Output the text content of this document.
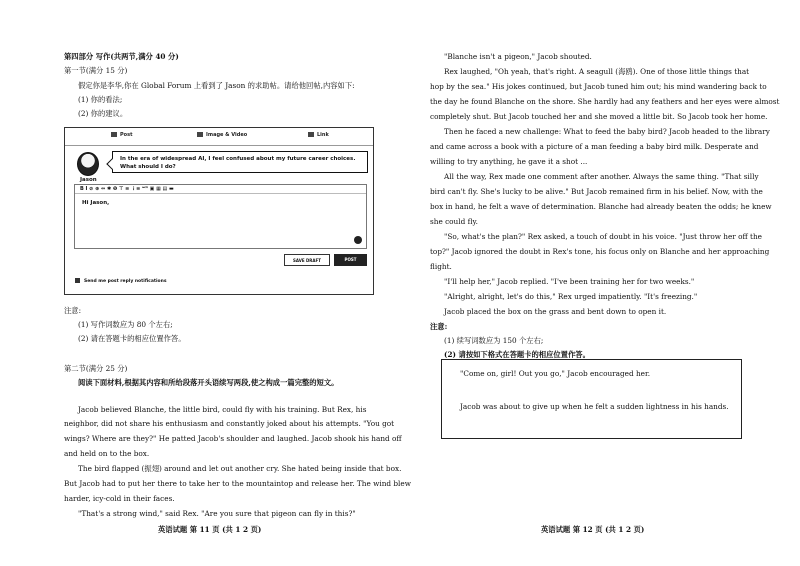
第四部分 写作(共两节,满分 40 分)
第一节(满分 15 分)
假定你是李华,你在 Global Forum 上看到了 Jason 的求助帖。请给他回帖,内容如下:
(1) 你的看法;
(2) 你的建议。
Post	Image & Video	Link
Jason
In the era of widespread AI, I feel confused about my future career choices. What should I do?
B I ⊘ ⊕ ⇔ ✱ ❶ ⊤ ≡ ⋮≡ ❝❞ ▣ ▦ ▤ ▬
Hi Jason,
SAVE DRAFT	POST
Send me post reply notifications
注意:
(1) 写作词数应为 80 个左右;
(2) 请在答题卡的相应位置作答。
第二节(满分 25 分)
阅读下面材料,根据其内容和所给段落开头语续写两段,使之构成一篇完整的短文。
Jacob believed Blanche, the little bird, could fly with his training. But Rex, his
neighbor, did not share his enthusiasm and constantly joked about his attempts. "You got
wings? Where are they?" He patted Jacob's shoulder and laughed. Jacob shook his hand off
and held on to the box.
The bird flapped (振翅) around and let out another cry. She hated being inside that box.
But Jacob had to put her there to take her to the mountaintop and release her. The wind blew
harder, icy-cold in their faces.
"That's a strong wind," said Rex. "Are you sure that pigeon can fly in this?"
英语试题 第 11 页 (共 1 2 页)
"Blanche isn't a pigeon," Jacob shouted.
Rex laughed, "Oh yeah, that's right. A seagull (海鸥). One of those little things that
hop by the sea." His jokes continued, but Jacob tuned him out; his mind wandering back to
the day he found Blanche on the shore. She hardly had any feathers and her eyes were almost
completely shut. But Jacob touched her and she moved a little bit. So Jacob took her home.
Then he faced a new challenge: What to feed the baby bird? Jacob headed to the library
and came across a book with a picture of a man feeding a baby bird milk. Desperate and
willing to try anything, he gave it a shot ...
All the way, Rex made one comment after another. Always the same thing. "That silly
bird can't fly. She's lucky to be alive." But Jacob remained firm in his belief. Now, with the
box in hand, he felt a wave of determination. Blanche had already beaten the odds; he knew
she could fly.
"So, what's the plan?" Rex asked, a touch of doubt in his voice. "Just throw her off the
top?" Jacob ignored the doubt in Rex's tone, his focus only on Blanche and her approaching
flight.
"I'll help her," Jacob replied. "I've been training her for two weeks."
"Alright, alright, let's do this," Rex urged impatiently. "It's freezing."
Jacob placed the box on the grass and bent down to open it.
注意:
(1) 续写词数应为 150 个左右;
(2) 请按如下格式在答题卡的相应位置作答。
英语试题 第 12 页 (共 1 2 页)
"Come on, girl! Out you go," Jacob encouraged her.
Jacob was about to give up when he felt a sudden lightness in his hands.
